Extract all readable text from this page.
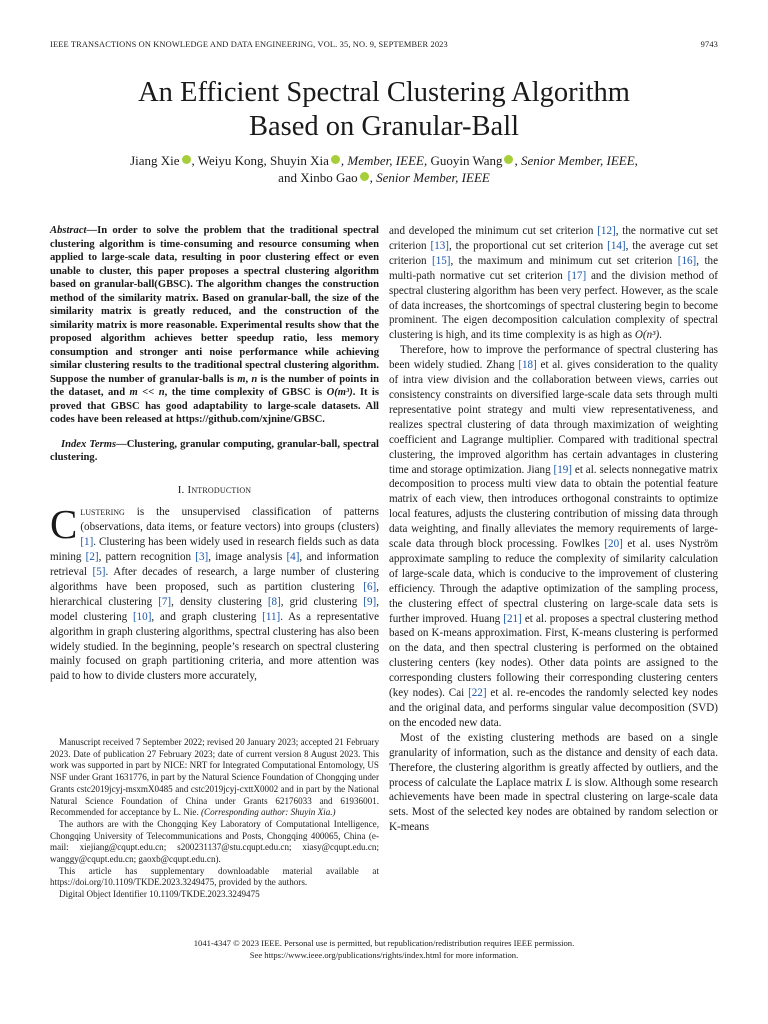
IEEE TRANSACTIONS ON KNOWLEDGE AND DATA ENGINEERING, VOL. 35, NO. 9, SEPTEMBER 2023	9743
An Efficient Spectral Clustering Algorithm
Based on Granular-Ball
Jiang Xie , Weiyu Kong, Shuyin Xia , Member, IEEE, Guoyin Wang , Senior Member, IEEE,
and Xinbo Gao , Senior Member, IEEE
Abstract—In order to solve the problem that the traditional spectral clustering algorithm is time-consuming and resource consuming when applied to large-scale data, resulting in poor clustering effect or even unable to cluster, this paper proposes a spectral clustering algorithm based on granular-ball(GBSC). The algorithm changes the construction method of the similarity matrix. Based on granular-ball, the size of the similarity matrix is greatly reduced, and the construction of the similarity matrix is more reasonable. Experimental results show that the proposed algorithm achieves better speedup ratio, less memory consumption and stronger anti noise performance while achieving similar clustering results to the traditional spectral clustering algorithm. Suppose the number of granular-balls is m, n is the number of points in the dataset, and m << n, the time complexity of GBSC is O(m³). It is proved that GBSC has good adaptability to large-scale datasets. All codes have been released at https://github.com/xjnine/GBSC.
Index Terms—Clustering, granular computing, granular-ball, spectral clustering.
I. Introduction
Clustering is the unsupervised classification of patterns (observations, data items, or feature vectors) into groups (clusters) [1]. Clustering has been widely used in research fields such as data mining [2], pattern recognition [3], image analysis [4], and information retrieval [5]. After decades of research, a large number of clustering algorithms have been proposed, such as partition clustering [6], hierarchical clustering [7], density clustering [8], grid clustering [9], model clustering [10], and graph clustering [11]. As a representative algorithm in graph clustering algorithms, spectral clustering has also been widely studied. In the beginning, people’s research on spectral clustering mainly focused on graph partitioning criteria, and more attention was paid to how to divide clusters more accurately,

Manuscript received 7 September 2022; revised 20 January 2023; accepted 21 February 2023. Date of publication 27 February 2023; date of current version 8 August 2023. This work was supported in part by NICE: NRT for Integrated Computational Entomology, US NSF under Grant 1631776, in part by the Natural Science Foundation of Chongqing under Grants cstc2019jcyj-msxmX0485 and cstc2019jcyj-cxttX0002 and in part by the National Natural Science Foundation of China under Grants 62176033 and 61936001. Recommended for acceptance by L. Nie. (Corresponding author: Shuyin Xia.)

The authors are with the Chongqing Key Laboratory of Computational Intelligence, Chongqing University of Telecommunications and Posts, Chongqing 400065, China (e-mail: xiejiang@cqupt.edu.cn; s200231137@stu.cqupt.edu.cn; xiasy@cqupt.edu.cn; wanggy@cqupt.edu.cn; gaoxb@cqupt.edu.cn).

This article has supplementary downloadable material available at https://doi.org/10.1109/TKDE.2023.3249475, provided by the authors.

Digital Object Identifier 10.1109/TKDE.2023.3249475

and developed the minimum cut set criterion [12], the normative cut set criterion [13], the proportional cut set criterion [14], the average cut set criterion [15], the maximum and minimum cut set criterion [16], the multi-path normative cut set criterion [17] and the division method of spectral clustering algorithm has been very perfect. However, as the scale of data increases, the shortcomings of spectral clustering begin to become prominent. The eigen decomposition calculation complexity of spectral clustering is high, and its time complexity is as high as O(n³).

Therefore, how to improve the performance of spectral clustering has been widely studied. Zhang [18] et al. gives consideration to the quality of intra view division and the collaboration between views, carries out consistency constraints on diversified large-scale data sets through multi representative point strategy and multi view representativeness, and realizes spectral clustering of data through maximization of weighting coefficient and Lagrange multiplier. Compared with traditional spectral clustering, the improved algorithm has certain advantages in clustering time and storage optimization. Jiang [19] et al. selects nonnegative matrix decomposition to process multi view data to obtain the potential feature matrix of each view, then introduces orthogonal constraints to optimize local features, adjusts the clustering contribution of missing data through data weighting, and finally alleviates the memory requirements of large-scale data through block processing. Fowlkes [20] et al. uses Nyström approximate sampling to reduce the complexity of similarity calculation of large-scale data, which is conducive to the improvement of clustering efficiency. Through the adaptive optimization of the sampling process, the clustering effect of spectral clustering on large-scale data sets is further improved. Huang [21] et al. proposes a spectral clustering method based on K-means approximation. First, K-means clustering is performed on the data, and then spectral clustering is performed on the obtained clustering centers (key nodes). Other data points are assigned to the corresponding clusters following their corresponding clustering centers (key nodes). Cai [22] et al. re-encodes the randomly selected key nodes and the original data, and performs singular value decomposition (SVD) on the encoded new data.

Most of the existing clustering methods are based on a single granularity of information, such as the distance and density of each data. Therefore, the clustering algorithm is greatly affected by outliers, and the process of calculate the Laplace matrix L is slow. Although some research achievements have been made in spectral clustering on large-scale data sets. Most of the selected key nodes are obtained by random selection or K-means

1041-4347 © 2023 IEEE. Personal use is permitted, but republication/redistribution requires IEEE permission.
See https://www.ieee.org/publications/rights/index.html for more information.
